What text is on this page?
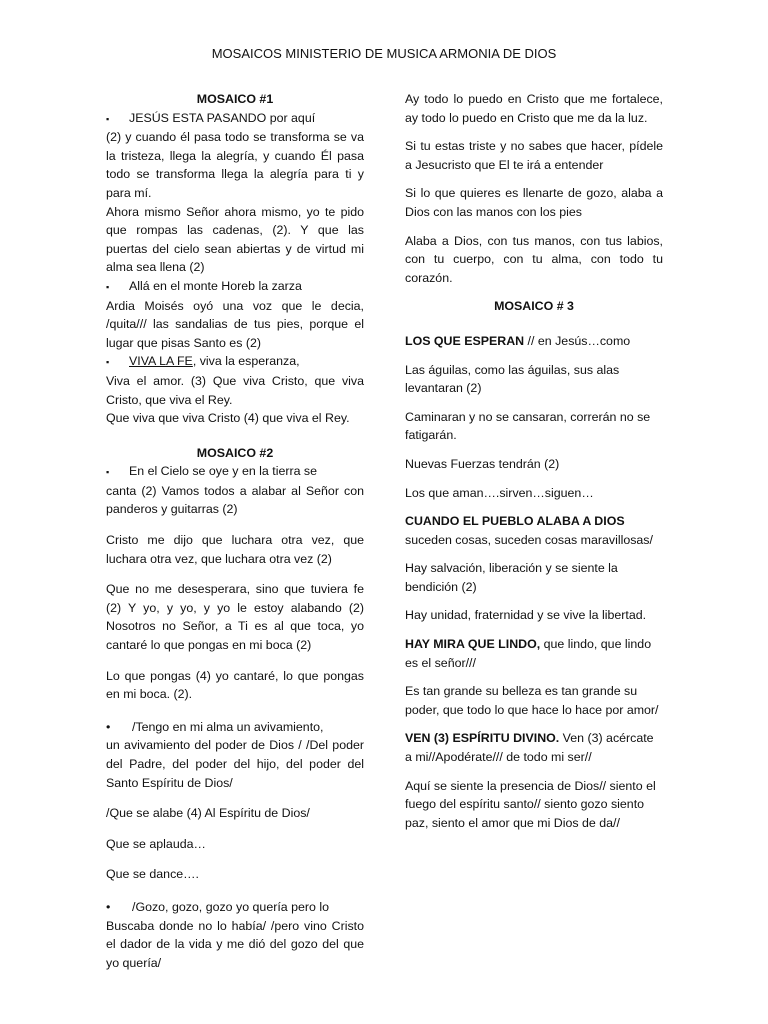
MOSAICOS MINISTERIO DE MUSICA ARMONIA DE DIOS

MOSAICO #1

▪	JESÚS ESTA PASANDO por aquí

(2) y cuando él pasa todo se transforma se va la tristeza, llega la alegría, y cuando Él pasa todo se transforma llega la alegría para ti y para mí.

Ahora mismo Señor ahora mismo, yo te pido que rompas las cadenas, (2). Y que las puertas del cielo sean abiertas y de virtud mi alma sea llena (2)

▪	Allá en el monte Horeb la zarza

Ardia Moisés oyó una voz que le decia, /quita/// las sandalias de tus pies, porque el lugar que pisas Santo es (2)

▪	VIVA LA FE, viva la esperanza,

Viva el amor. (3) Que viva Cristo, que viva Cristo, que viva el Rey.

Que viva que viva Cristo (4) que viva el Rey.

MOSAICO #2

▪	En el Cielo se oye y en la tierra se

canta (2) Vamos todos a alabar al Señor con panderos y guitarras (2)

Cristo me dijo que luchara otra vez, que luchara otra vez, que luchara otra vez (2)

Que no me desesperara, sino que tuviera fe (2) Y yo, y yo, y yo le estoy alabando (2) Nosotros no Señor, a Ti es al que toca, yo cantaré lo que pongas en mi boca (2)

Lo que pongas (4) yo cantaré, lo que pongas en mi boca. (2).

•	/Tengo en mi alma un avivamiento,

un avivamiento del poder de Dios / /Del poder del Padre, del poder del hijo, del poder del Santo Espíritu de Dios/

/Que se alabe (4) Al Espíritu de Dios/

Que se aplauda…

Que se dance….

•	/Gozo, gozo, gozo yo quería pero lo

Buscaba donde no lo había/ /pero vino Cristo el dador de la vida y me dió del gozo del que yo quería/

Ay todo lo puedo en Cristo que me fortalece, ay todo lo puedo en Cristo que me da la luz.

Si tu estas triste y no sabes que hacer, pídele a Jesucristo que El te irá a entender

Si lo que quieres es llenarte de gozo, alaba a Dios con las manos con los pies

Alaba a Dios, con tus manos, con tus labios, con tu cuerpo, con tu alma, con todo tu corazón.

MOSAICO # 3

LOS QUE ESPERAN // en Jesús…como

Las águilas, como las águilas, sus alas levantaran (2)

Caminaran y no se cansaran, correrán no se fatigarán.

Nuevas Fuerzas tendrán (2)

Los que aman….sirven…siguen…

CUANDO EL PUEBLO ALABA A DIOS suceden cosas, suceden cosas maravillosas/

Hay salvación, liberación y se siente la bendición (2)

Hay unidad, fraternidad y se vive la libertad.

HAY MIRA QUE LINDO, que lindo, que lindo es el señor///

Es tan grande su belleza es tan grande su poder, que todo lo que hace lo hace por amor/

VEN (3) ESPÍRITU DIVINO. Ven (3) acércate a mi//Apodérate/// de todo mi ser//

Aquí se siente la presencia de Dios// siento el fuego del espíritu santo// siento gozo siento paz, siento el amor que mi Dios de da//
